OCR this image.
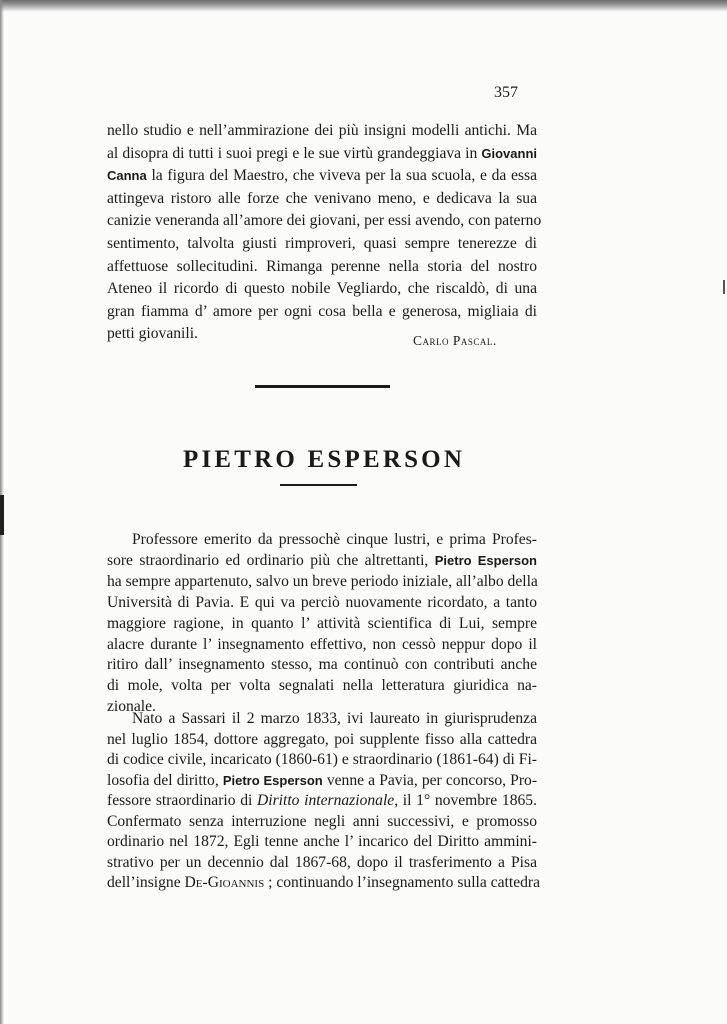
357
nello studio e nell’ammirazione dei più insigni modelli antichi. Ma
al disopra di tutti i suoi pregi e le sue virtù grandeggiava in Giovanni
Canna la figura del Maestro, che viveva per la sua scuola, e da essa
attingeva ristoro alle forze che venivano meno, e dedicava la sua
canizie veneranda all’amore dei giovani, per essi avendo, con paterno
sentimento, talvolta giusti rimproveri, quasi sempre tenerezze di
affettuose sollecitudini. Rimanga perenne nella storia del nostro
Ateneo il ricordo di questo nobile Vegliardo, che riscaldò, di una
gran fiamma d’ amore per ogni cosa bella e generosa, migliaia di
petti giovanili.	Carlo Pascal.
PIETRO ESPERSON
Professore emerito da pressochè cinque lustri, e prima Profes-
sore straordinario ed ordinario più che altrettanti, Pietro Esperson
ha sempre appartenuto, salvo un breve periodo iniziale, all’albo della
Università di Pavia. E qui va perciò nuovamente ricordato, a tanto
maggiore ragione, in quanto l’ attività scientifica di Lui, sempre
alacre durante l’ insegnamento effettivo, non cessò neppur dopo il
ritiro dall’ insegnamento stesso, ma continuò con contributi anche
di mole, volta per volta segnalati nella letteratura giuridica na-
zionale.
Nato a Sassari il 2 marzo 1833, ivi laureato in giurisprudenza
nel luglio 1854, dottore aggregato, poi supplente fisso alla cattedra
di codice civile, incaricato (1860-61) e straordinario (1861-64) di Fi-
losofia del diritto, Pietro Esperson venne a Pavia, per concorso, Pro-
fessore straordinario di Diritto internazionale, il 1° novembre 1865.
Confermato senza interruzione negli anni successivi, e promosso
ordinario nel 1872, Egli tenne anche l’ incarico del Diritto ammini-
strativo per un decennio dal 1867-68, dopo il trasferimento a Pisa
dell’insigne De-Gioannis ; continuando l’insegnamento sulla cattedra
